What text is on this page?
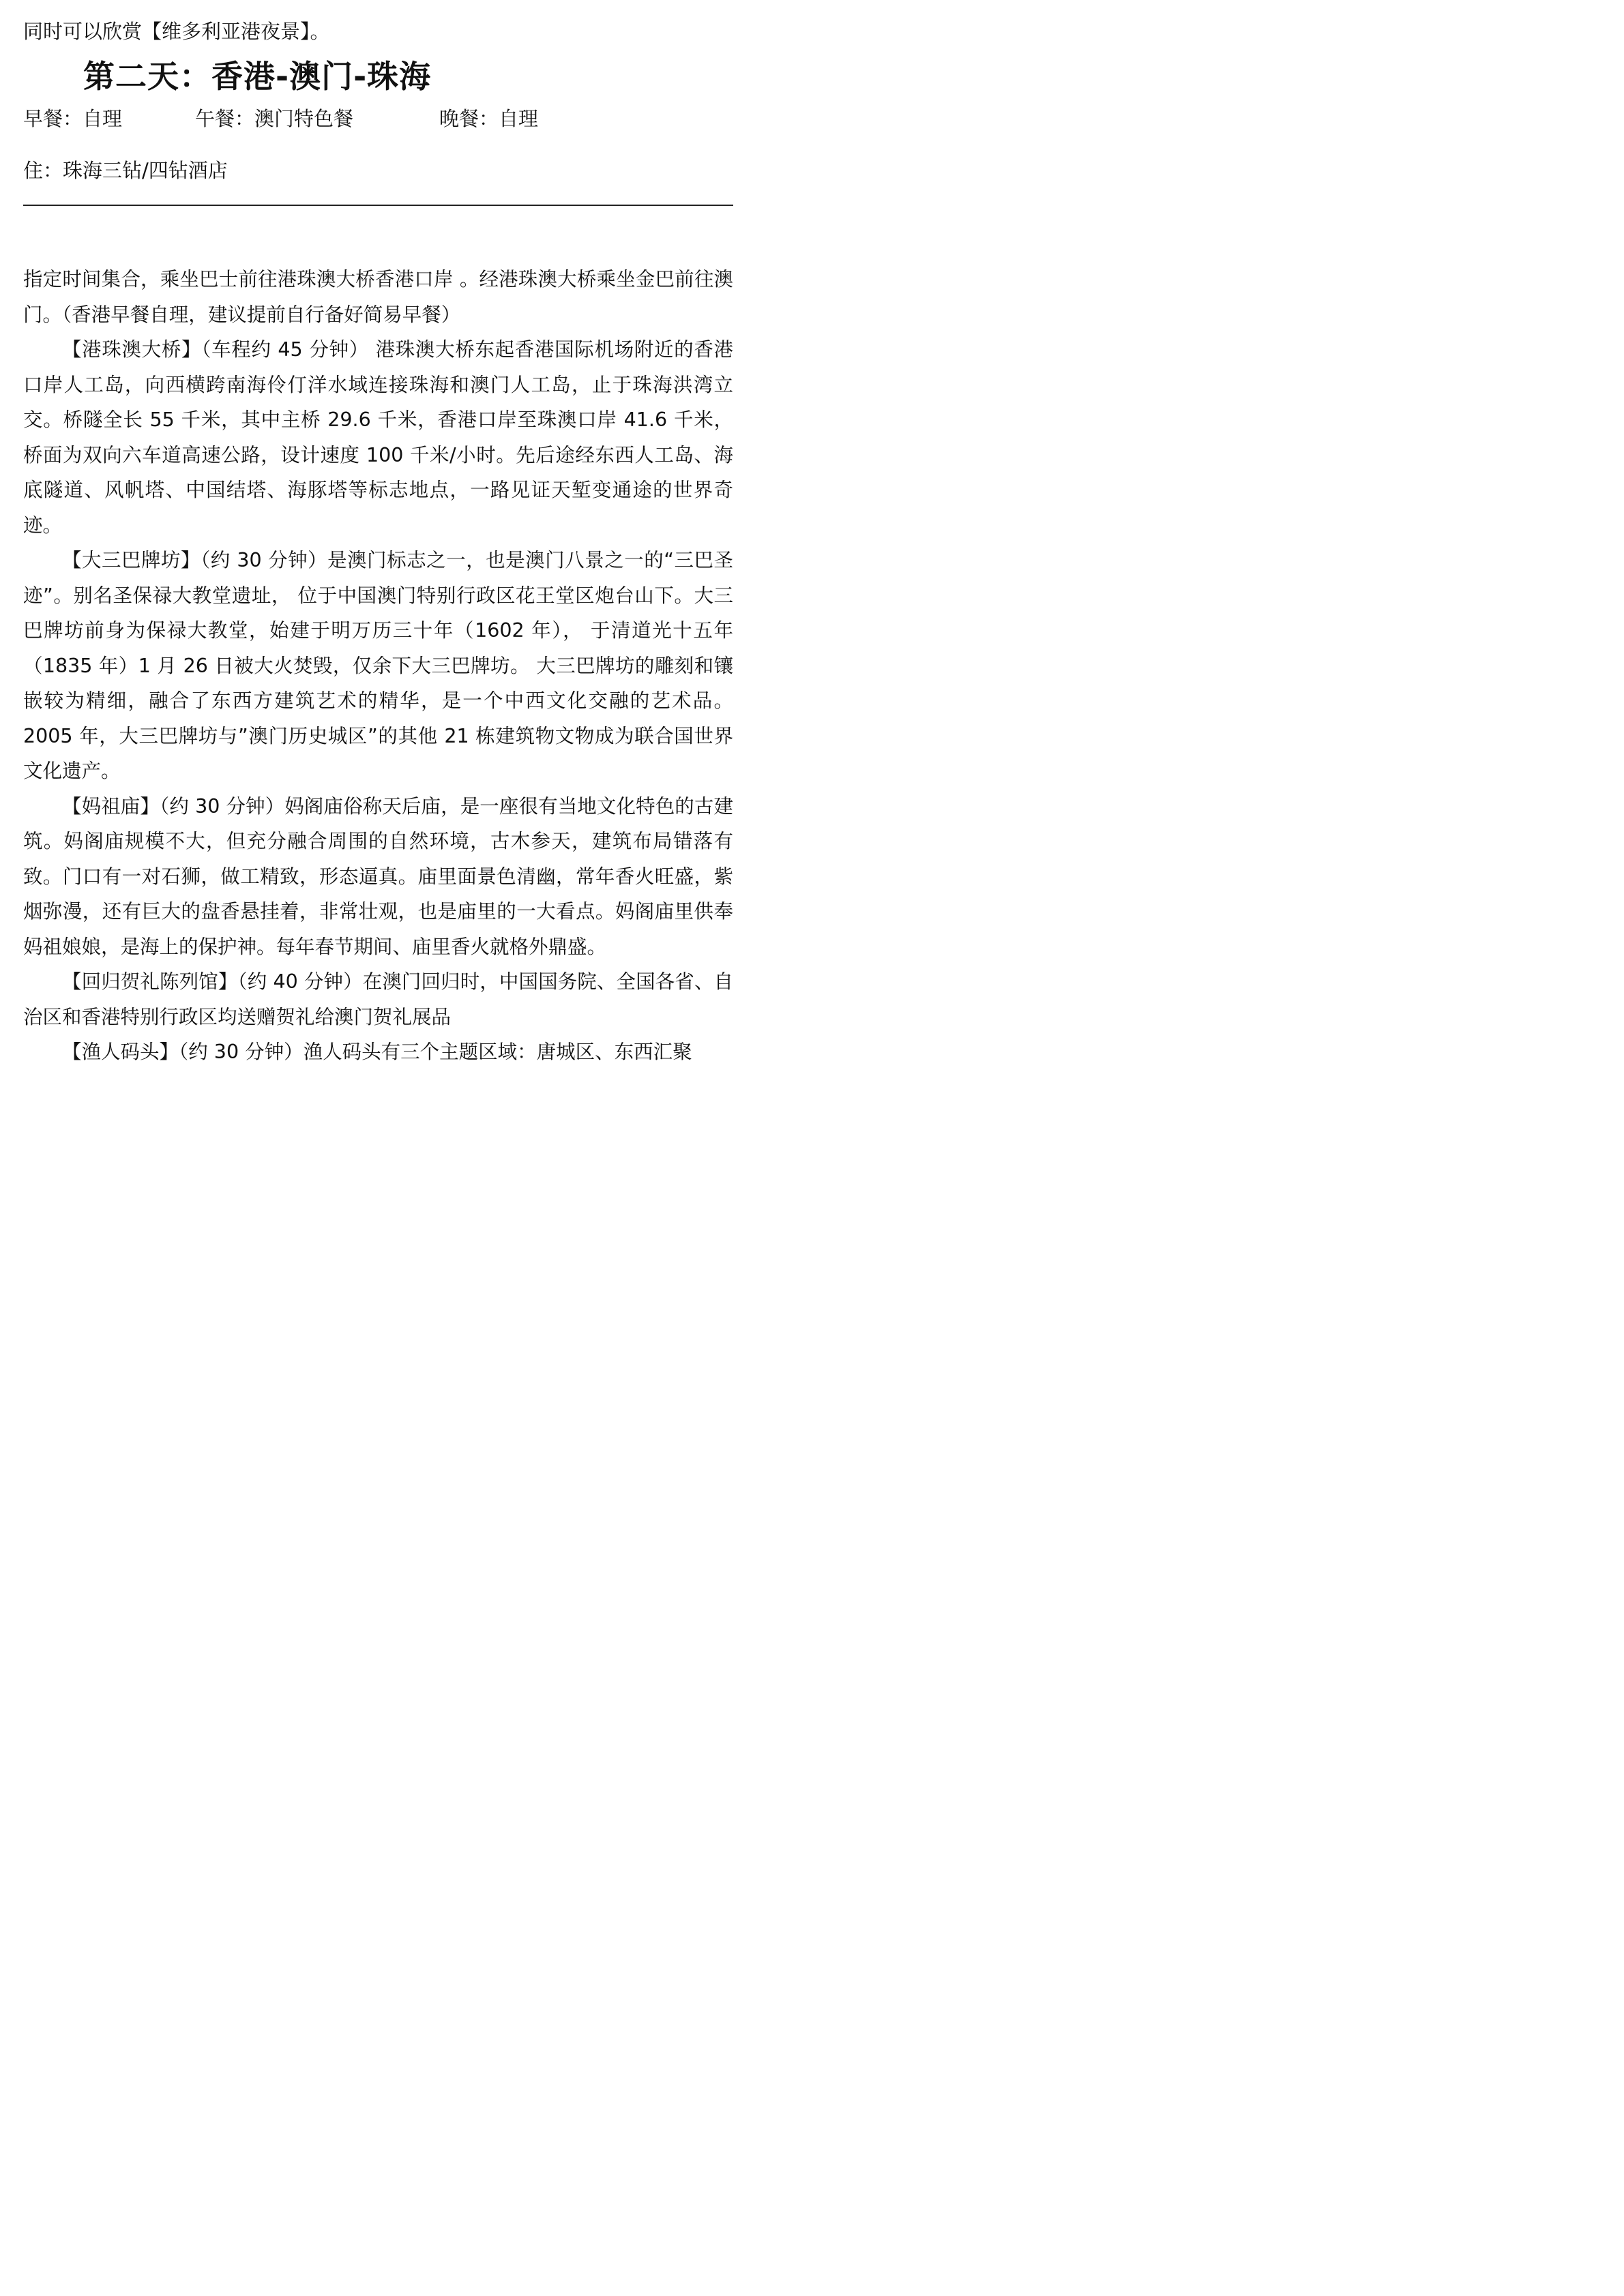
同时可以欣赏【维多利亚港夜景】。
第二天：香港-澳门-珠海
早餐：自理	午餐：澳门特色餐	晚餐：自理
住：珠海三钻/四钻酒店

指定时间集合，乘坐巴士前往港珠澳大桥香港口岸 。经港珠澳大桥乘坐金巴前往澳门。（香港早餐自理，建议提前自行备好简易早餐）

【港珠澳大桥】（车程约 45 分钟） 港珠澳大桥东起香港国际机场附近的香港口岸人工岛，向西横跨南海伶仃洋水域连接珠海和澳门人工岛，止于珠海洪湾立交。桥隧全长 55 千米，其中主桥 29.6 千米，香港口岸至珠澳口岸 41.6 千米，桥面为双向六车道高速公路，设计速度 100 千米/小时。先后途经东西人工岛、海底隧道、风帆塔、中国结塔、海豚塔等标志地点，一路见证天堑变通途的世界奇迹。

【大三巴牌坊】（约 30 分钟）是澳门标志之一，也是澳门八景之一的“三巴圣迹”。别名圣保禄大教堂遗址， 位于中国澳门特别行政区花王堂区炮台山下。大三巴牌坊前身为保禄大教堂，始建于明万历三十年（1602 年）， 于清道光十五年（1835 年）1 月 26 日被大火焚毁，仅余下大三巴牌坊。 大三巴牌坊的雕刻和镶嵌较为精细，融合了东西方建筑艺术的精华，是一个中西文化交融的艺术品。2005 年，大三巴牌坊与”澳门历史城区”的其他 21 栋建筑物文物成为联合国世界文化遗产。

【妈祖庙】（约 30 分钟）妈阁庙俗称天后庙，是一座很有当地文化特色的古建筑。妈阁庙规模不大，但充分融合周围的自然环境，古木参天，建筑布局错落有致。门口有一对石狮，做工精致，形态逼真。庙里面景色清幽，常年香火旺盛，紫烟弥漫，还有巨大的盘香悬挂着，非常壮观，也是庙里的一大看点。妈阁庙里供奉妈祖娘娘，是海上的保护神。每年春节期间、庙里香火就格外鼎盛。

【回归贺礼陈列馆】（约 40 分钟）在澳门回归时，中国国务院、全国各省、自治区和香港特别行政区均送赠贺礼给澳门贺礼展品

【渔人码头】（约 30 分钟）渔人码头有三个主题区域：唐城区、东西汇聚
